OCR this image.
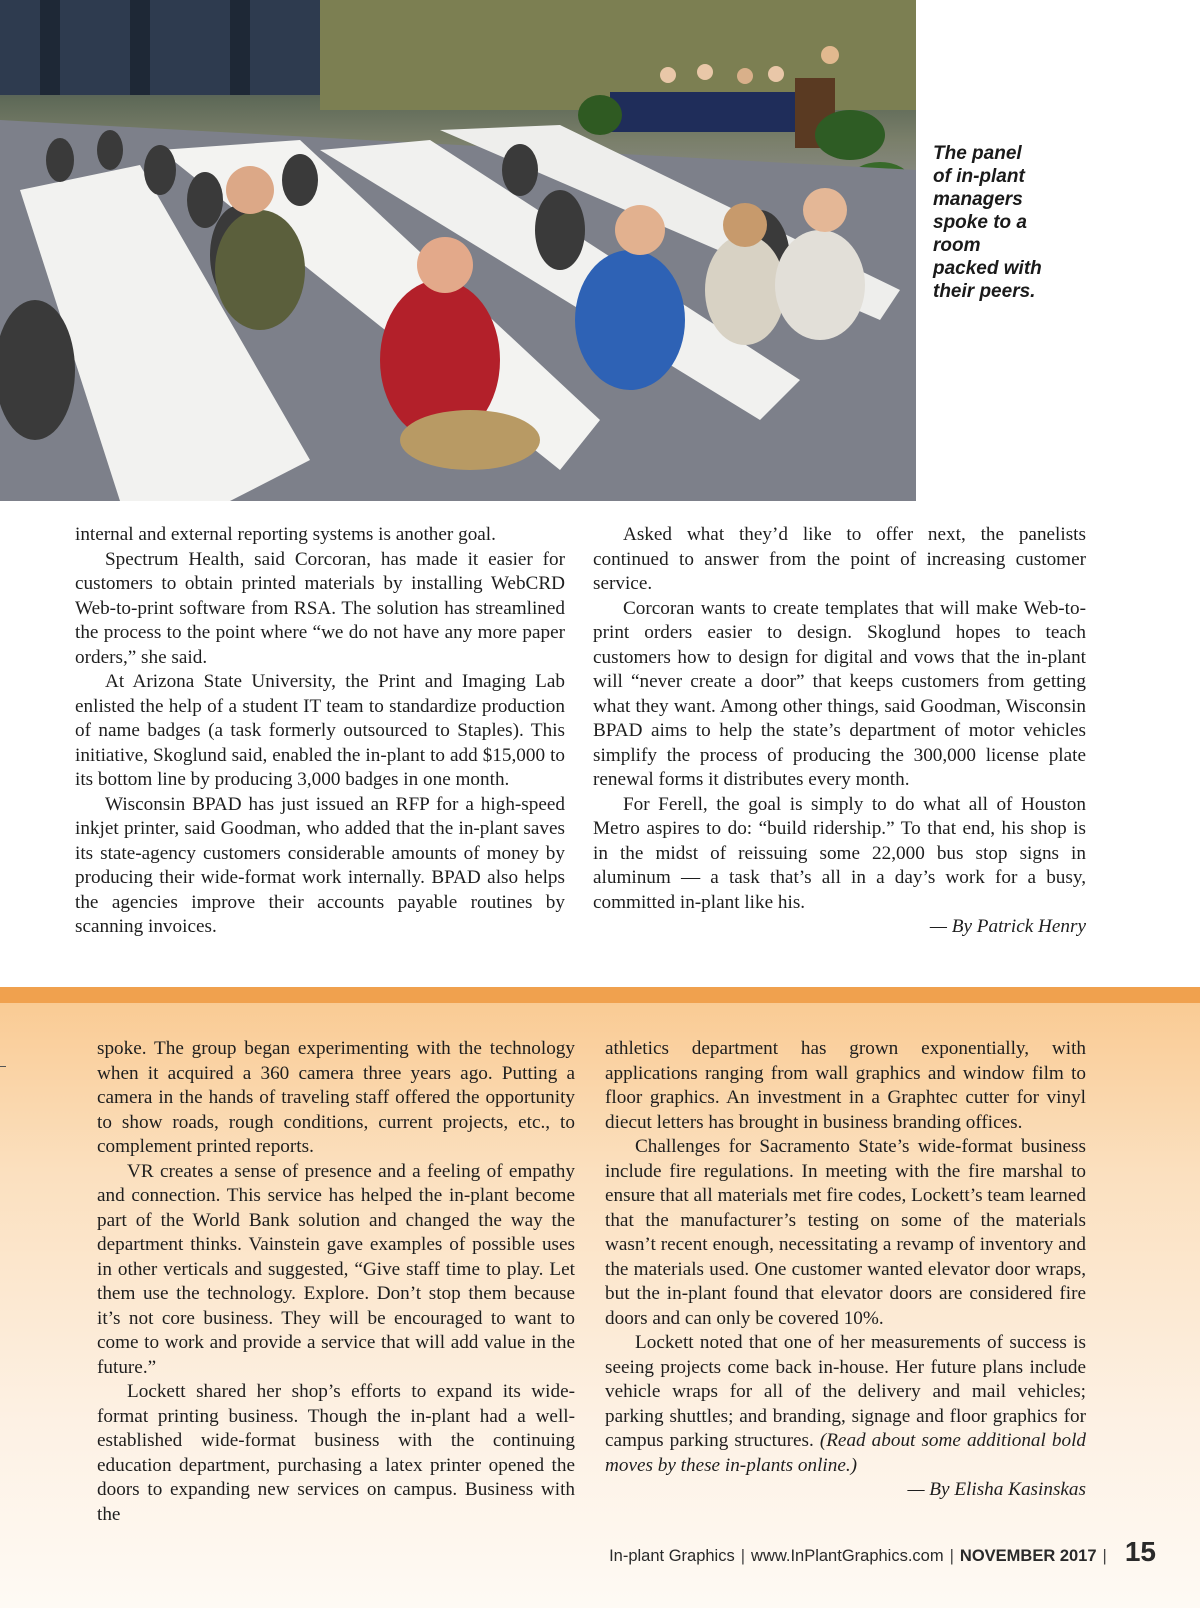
The panel of in-plant managers spoke to a room packed with their peers.

internal and external reporting systems is another goal.

Spectrum Health, said Corcoran, has made it easier for customers to obtain printed materials by installing WebCRD Web-to-print software from RSA. The solution has streamlined the process to the point where “we do not have any more paper orders,” she said.

At Arizona State University, the Print and Imaging Lab enlisted the help of a student IT team to standardize production of name badges (a task formerly outsourced to Staples). This initiative, Skoglund said, enabled the in-plant to add $15,000 to its bottom line by producing 3,000 badges in one month.

Wisconsin BPAD has just issued an RFP for a high-speed inkjet printer, said Goodman, who added that the in-plant saves its state-agency customers considerable amounts of money by producing their wide-format work internally. BPAD also helps the agencies improve their accounts payable routines by scanning invoices.

Asked what they’d like to offer next, the panelists continued to answer from the point of increasing customer service.

Corcoran wants to create templates that will make Web-to-print orders easier to design. Skoglund hopes to teach customers how to design for digital and vows that the in-plant will “never create a door” that keeps customers from getting what they want. Among other things, said Goodman, Wisconsin BPAD aims to help the state’s department of motor vehicles simplify the process of producing the 300,000 license plate renewal forms it distributes every month.

For Ferell, the goal is simply to do what all of Houston Metro aspires to do: “build ridership.” To that end, his shop is in the midst of reissuing some 22,000 bus stop signs in aluminum — a task that’s all in a day’s work for a busy, committed in-plant like his.

— By Patrick Henry

spoke. The group began experimenting with the technology when it acquired a 360 camera three years ago. Putting a camera in the hands of traveling staff offered the opportunity to show roads, rough conditions, current projects, etc., to complement printed reports.

VR creates a sense of presence and a feeling of empathy and connection. This service has helped the in-plant become part of the World Bank solution and changed the way the department thinks. Vainstein gave examples of possible uses in other verticals and suggested, “Give staff time to play. Let them use the technology. Explore. Don’t stop them because it’s not core business. They will be encouraged to want to come to work and provide a service that will add value in the future.”

Lockett shared her shop’s efforts to expand its wide-format printing business. Though the in-plant had a well-established wide-format business with the continuing education department, purchasing a latex printer opened the doors to expanding new services on campus. Business with the

athletics department has grown exponentially, with applications ranging from wall graphics and window film to floor graphics. An investment in a Graphtec cutter for vinyl diecut letters has brought in business branding offices.

Challenges for Sacramento State’s wide-format business include fire regulations. In meeting with the fire marshal to ensure that all materials met fire codes, Lockett’s team learned that the manufacturer’s testing on some of the materials wasn’t recent enough, necessitating a revamp of inventory and the materials used. One customer wanted elevator door wraps, but the in-plant found that elevator doors are considered fire doors and can only be covered 10%.

Lockett noted that one of her measurements of success is seeing projects come back in-house. Her future plans include vehicle wraps for all of the delivery and mail vehicles; parking shuttles; and branding, signage and floor graphics for campus parking structures. (Read about some additional bold moves by these in-plants online.)

— By Elisha Kasinskas
In-plant Graphics | www.InPlantGraphics.com | NOVEMBER 2017 | 15
